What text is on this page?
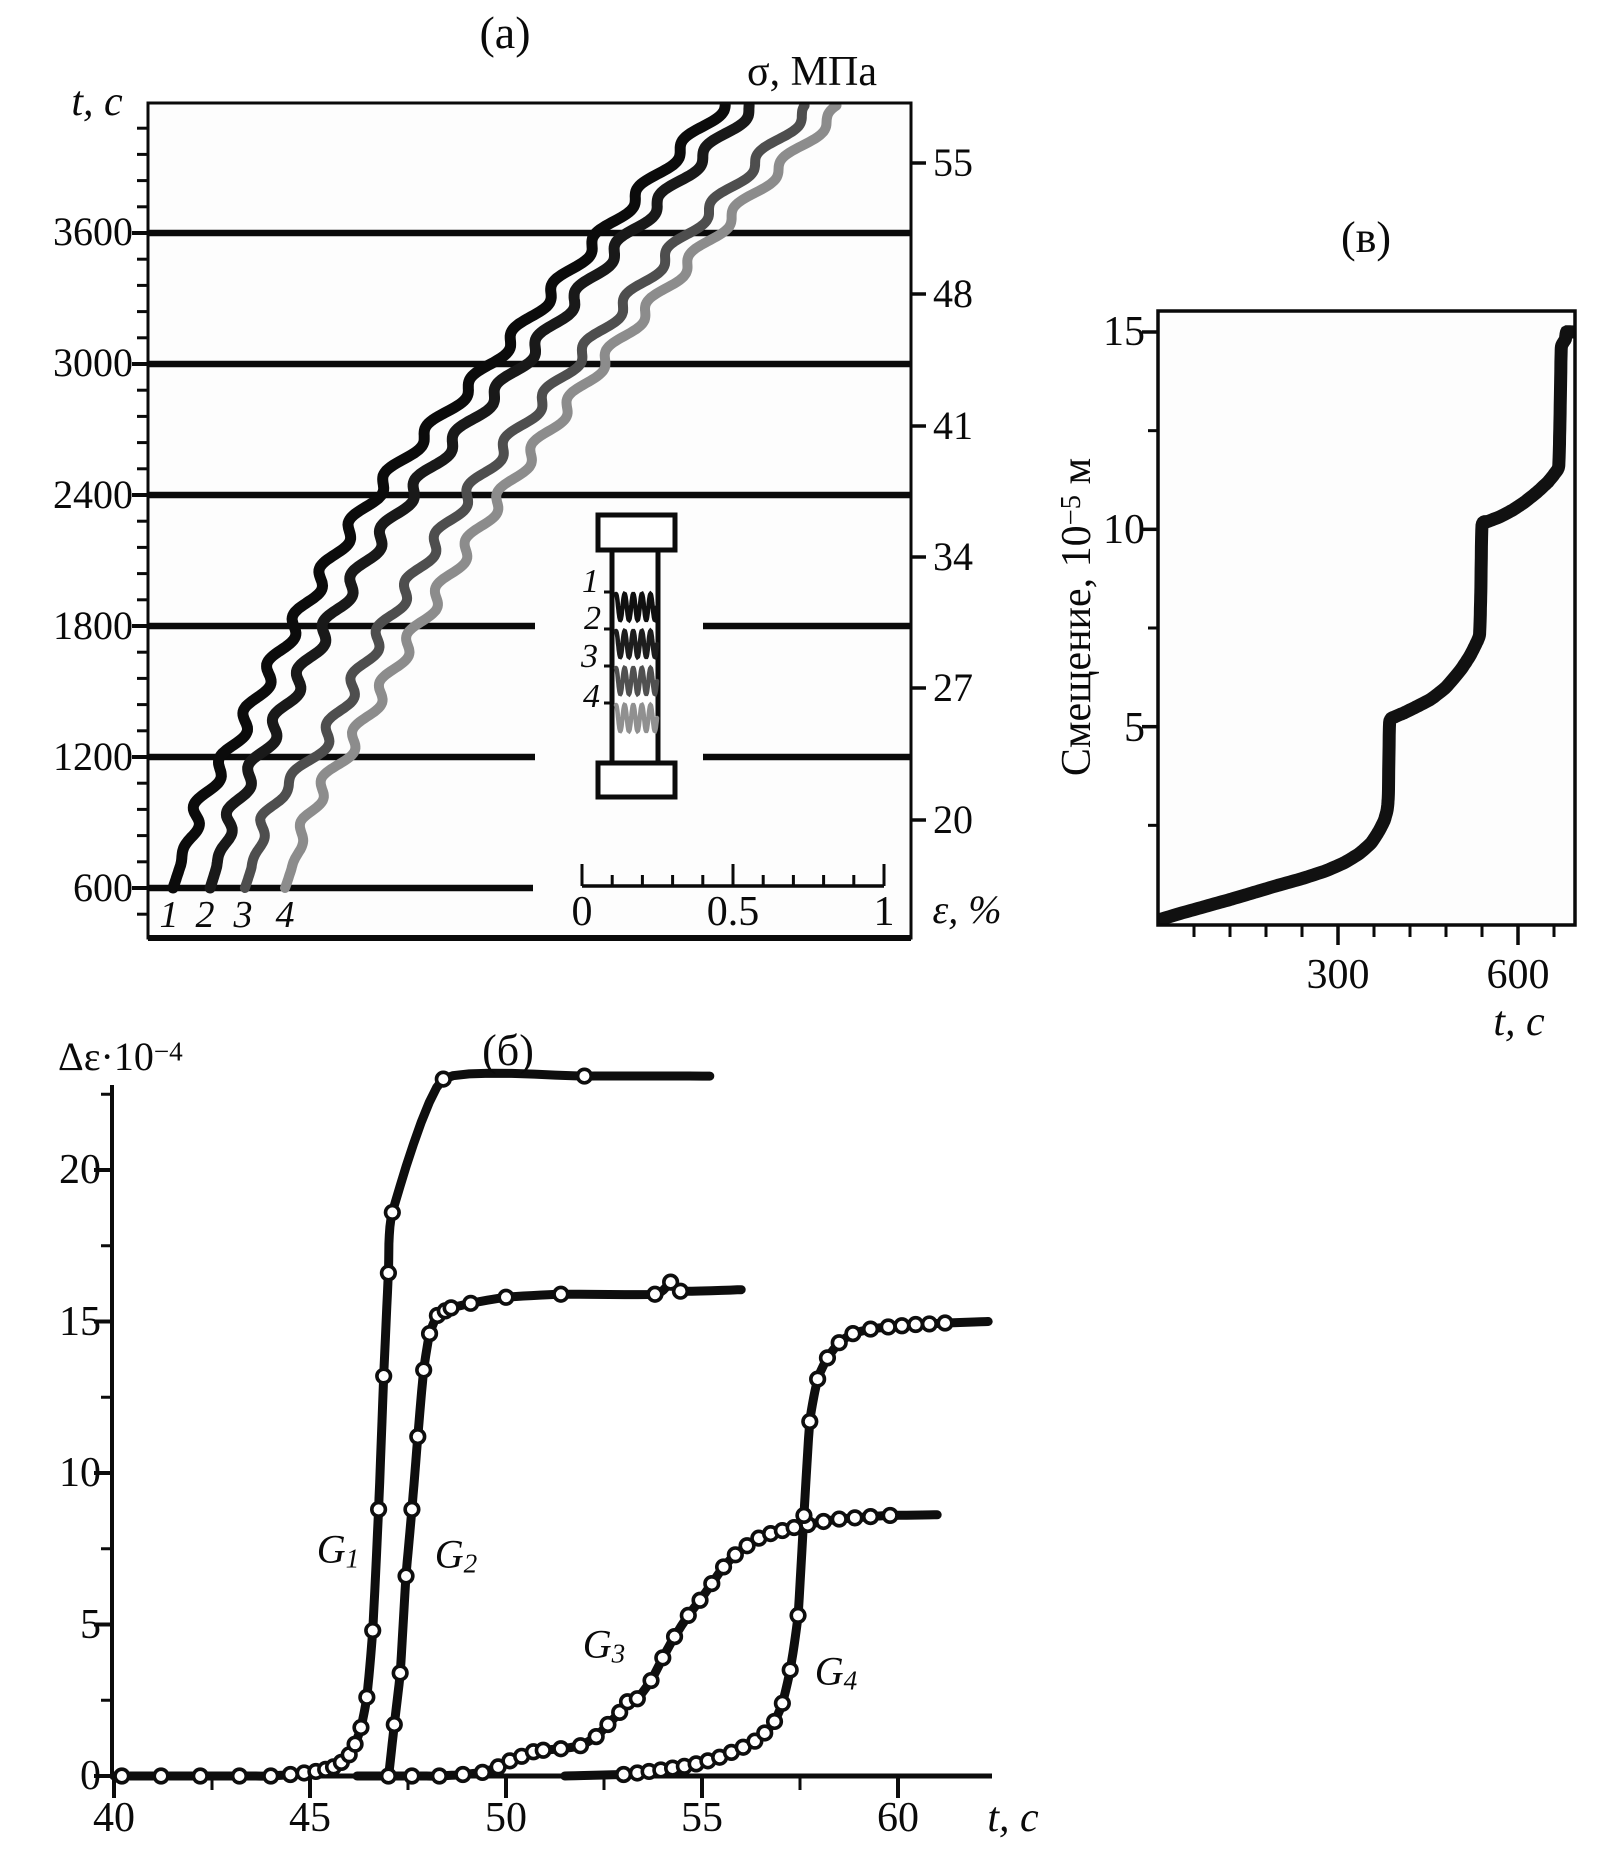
(а)
σ, МПа
t, c
3600
3000
2400
1800
1200
600
55
48
41
34
27
20
1 2 3 4
1
2
3
4
0	0.5	1 ε, %
(б)
$\Delta\varepsilon\cdot 10^{-4}$
20
15
10
5
0
40	45	50	55	60 t, c
$G_1$ $G_2$
$G_3$	$G_4$
(в)
Смещение, $10^{-5}$ м
15
10
5
300	600
t, c
